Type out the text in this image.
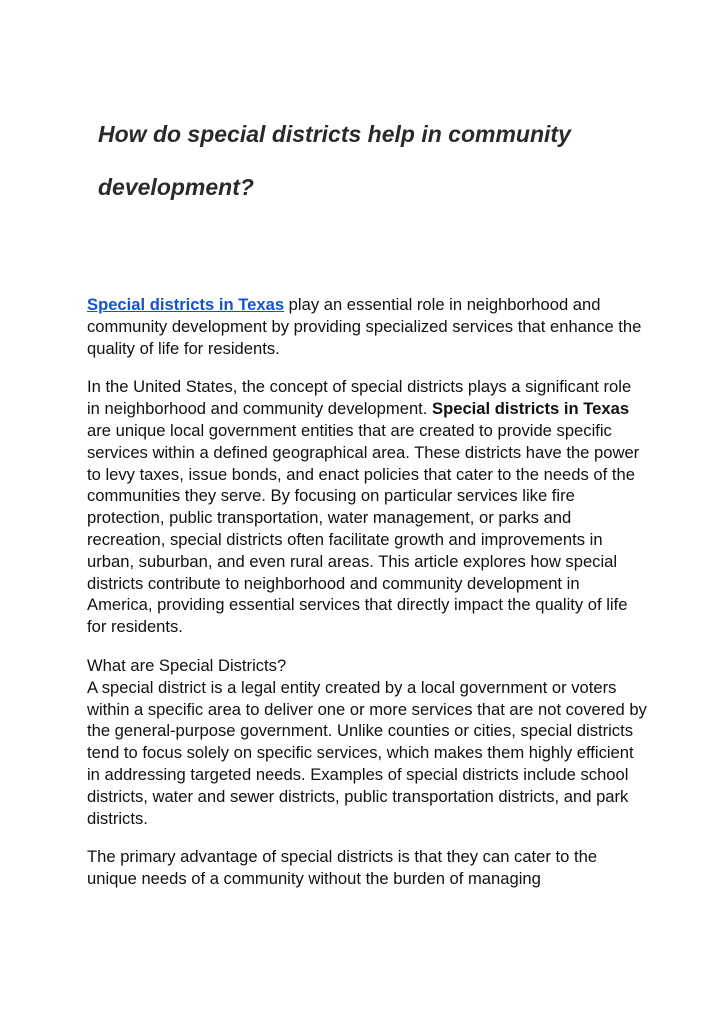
How do special districts help in community development?

Special districts in Texas play an essential role in neighborhood and community development by providing specialized services that enhance the quality of life for residents.

In the United States, the concept of special districts plays a significant role in neighborhood and community development. Special districts in Texas are unique local government entities that are created to provide specific services within a defined geographical area. These districts have the power to levy taxes, issue bonds, and enact policies that cater to the needs of the communities they serve. By focusing on particular services like fire protection, public transportation, water management, or parks and recreation, special districts often facilitate growth and improvements in urban, suburban, and even rural areas. This article explores how special districts contribute to neighborhood and community development in America, providing essential services that directly impact the quality of life for residents.

What are Special Districts?
A special district is a legal entity created by a local government or voters within a specific area to deliver one or more services that are not covered by the general-purpose government. Unlike counties or cities, special districts tend to focus solely on specific services, which makes them highly efficient in addressing targeted needs. Examples of special districts include school districts, water and sewer districts, public transportation districts, and park districts.

The primary advantage of special districts is that they can cater to the unique needs of a community without the burden of managing
